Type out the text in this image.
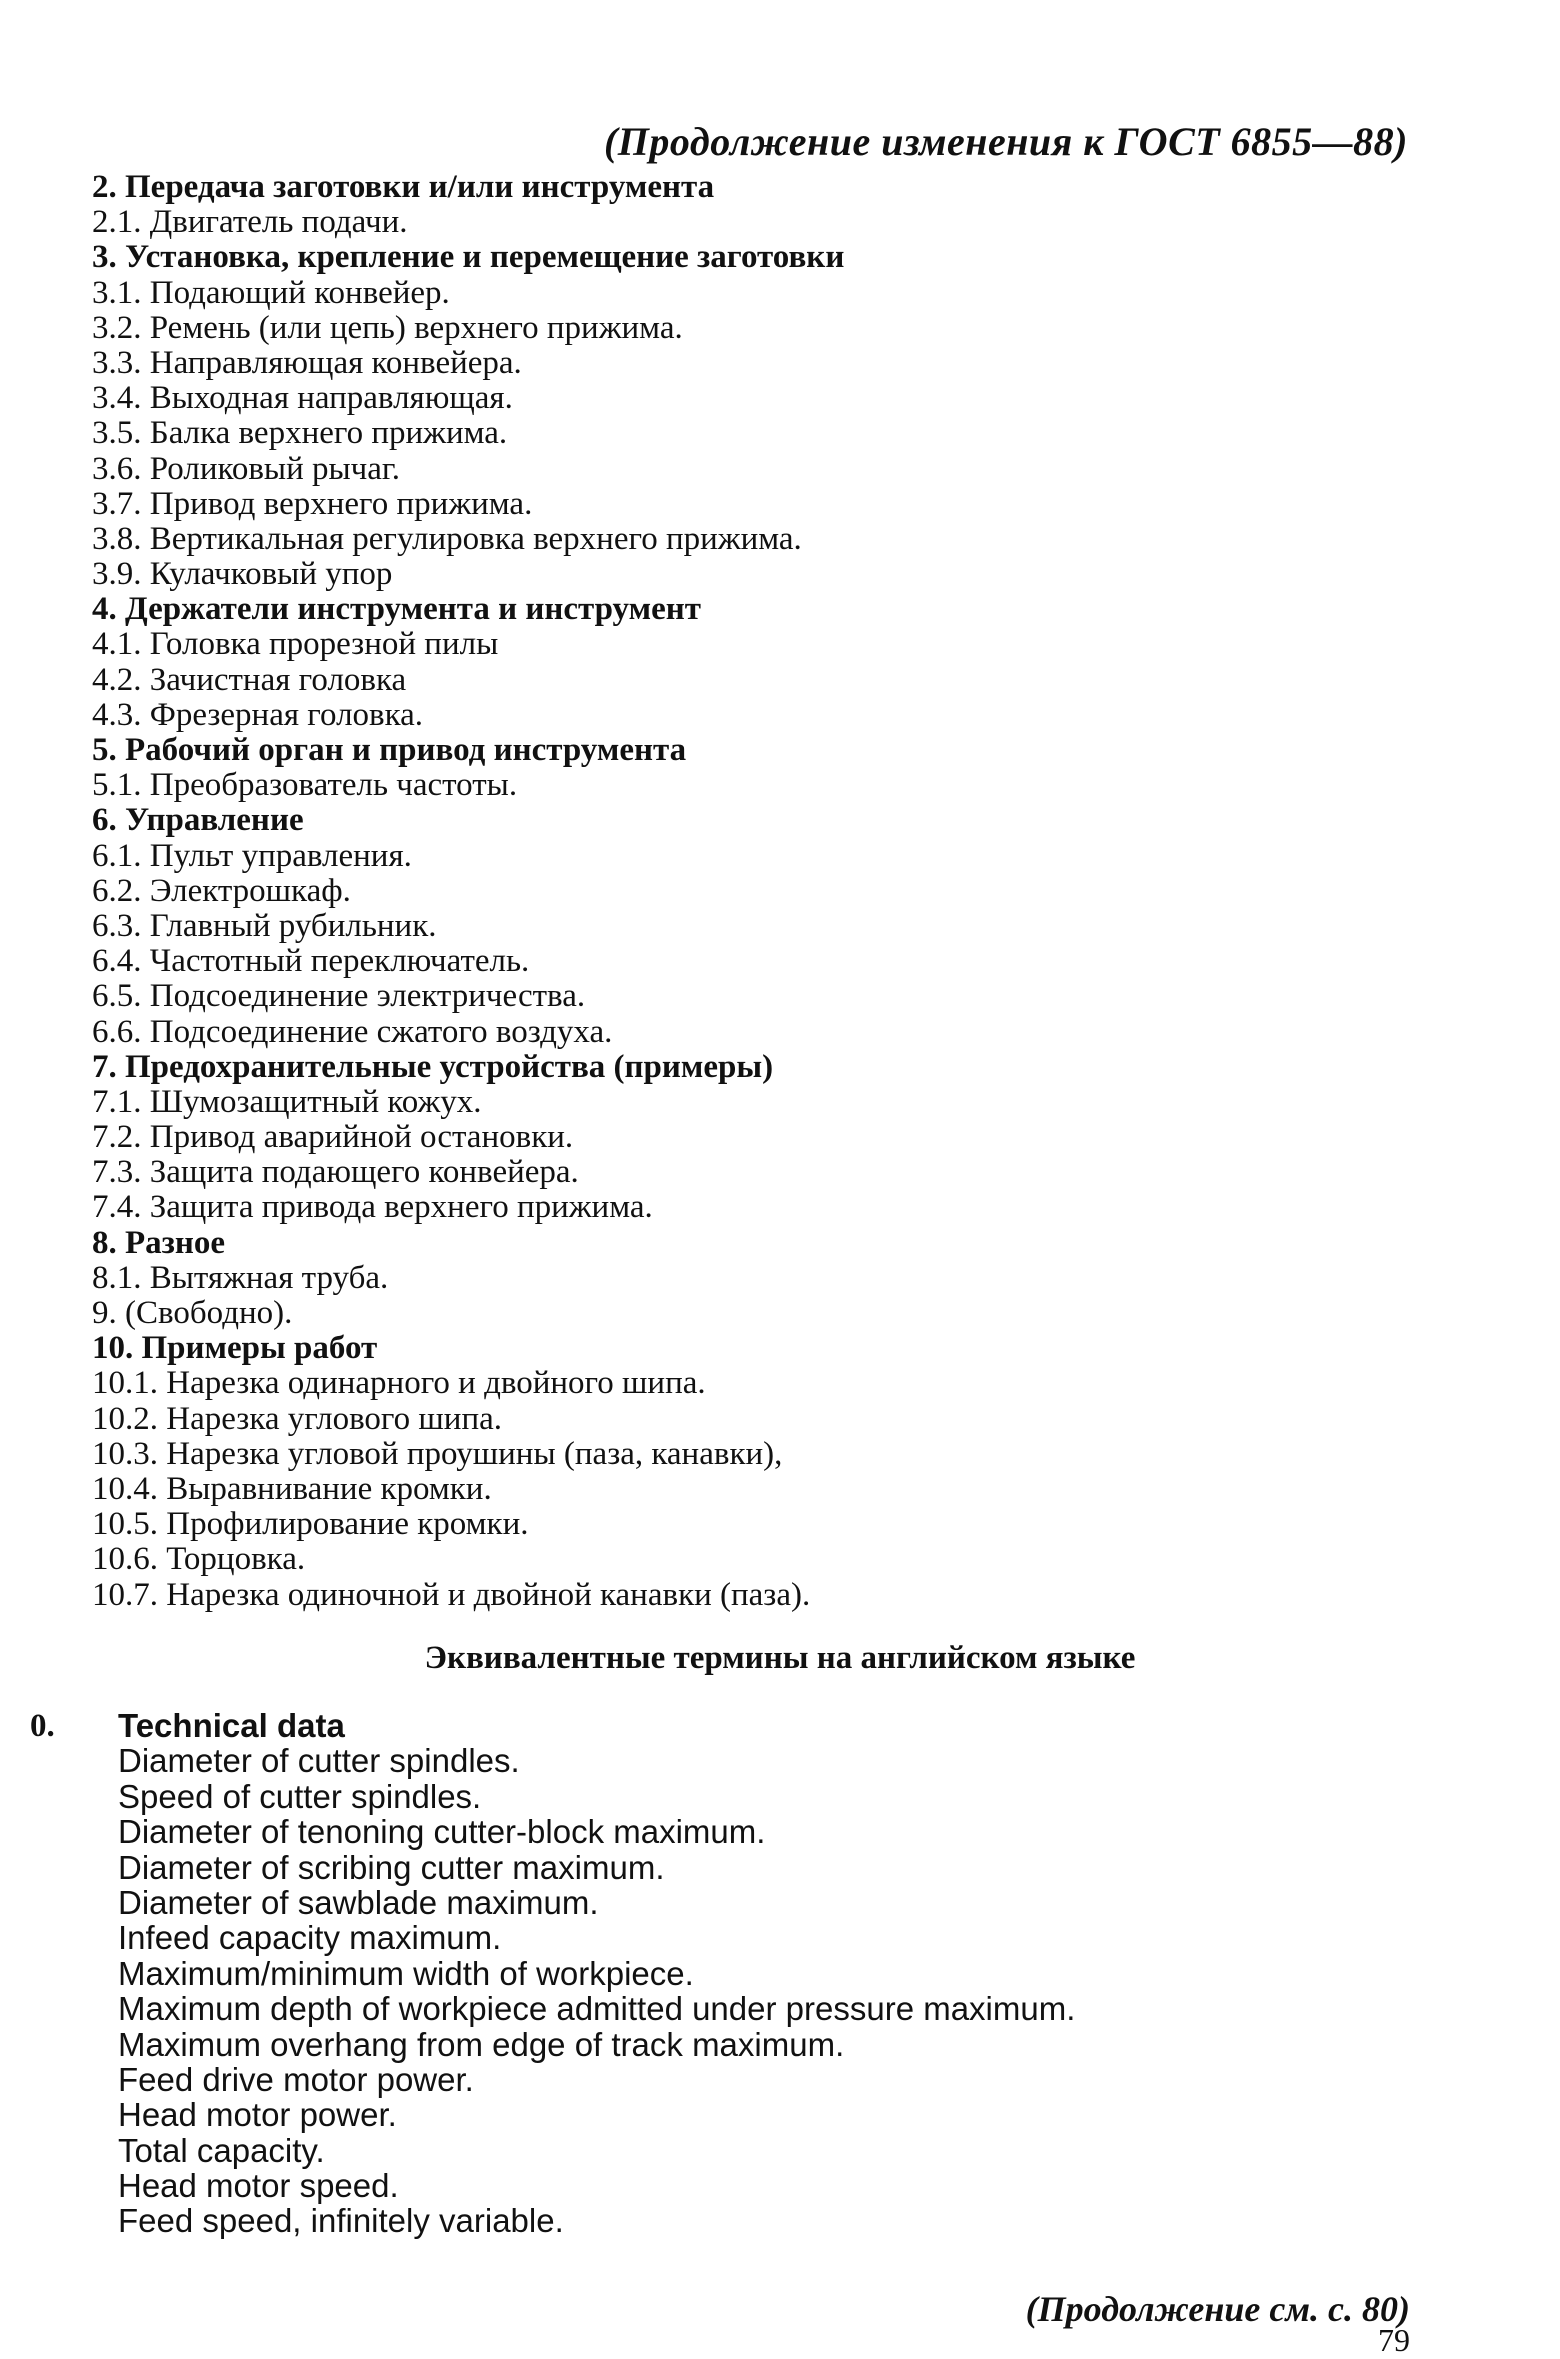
(Продолжение изменения к ГОСТ 6855—88)
2. Передача заготовки и/или инструмента
2.1. Двигатель подачи.
3. Установка, крепление и перемещение заготовки
3.1. Подающий конвейер.
3.2. Ремень (или цепь) верхнего прижима.
3.3. Направляющая конвейера.
3.4. Выходная направляющая.
3.5. Балка верхнего прижима.
3.6. Роликовый рычаг.
3.7. Привод верхнего прижима.
3.8. Вертикальная регулировка верхнего прижима.
3.9. Кулачковый упор
4. Держатели инструмента и инструмент
4.1. Головка прорезной пилы
4.2. Зачистная головка
4.3. Фрезерная головка.
5. Рабочий орган и привод инструмента
5.1. Преобразователь частоты.
6. Управление
6.1. Пульт управления.
6.2. Электрошкаф.
6.3. Главный рубильник.
6.4. Частотный переключатель.
6.5. Подсоединение электричества.
6.6. Подсоединение сжатого воздуха.
7. Предохранительные устройства (примеры)
7.1. Шумозащитный кожух.
7.2. Привод аварийной остановки.
7.3. Защита подающего конвейера.
7.4. Защита привода верхнего прижима.
8. Разное
8.1. Вытяжная труба.
9. (Свободно).
10. Примеры работ
10.1. Нарезка одинарного и двойного шипа.
10.2. Нарезка углового шипа.
10.3. Нарезка угловой проушины (паза, канавки),
10.4. Выравнивание кромки.
10.5. Профилирование кромки.
10.6. Торцовка.
10.7. Нарезка одиночной и двойной канавки (паза).
Эквивалентные термины на английском языке
0. Technical data
Diameter of cutter spindles.
Speed of cutter spindles.
Diameter of tenoning cutter-block maximum.
Diameter of scribing cutter maximum.
Diameter of sawblade maximum.
Infeed capacity maximum.
Maximum/minimum width of workpiece.
Maximum depth of workpiece admitted under pressure maximum.
Maximum overhang from edge of track maximum.
Feed drive motor power.
Head motor power.
Total capacity.
Head motor speed.
Feed speed, infinitely variable.
(Продолжение см. с. 80)
79
